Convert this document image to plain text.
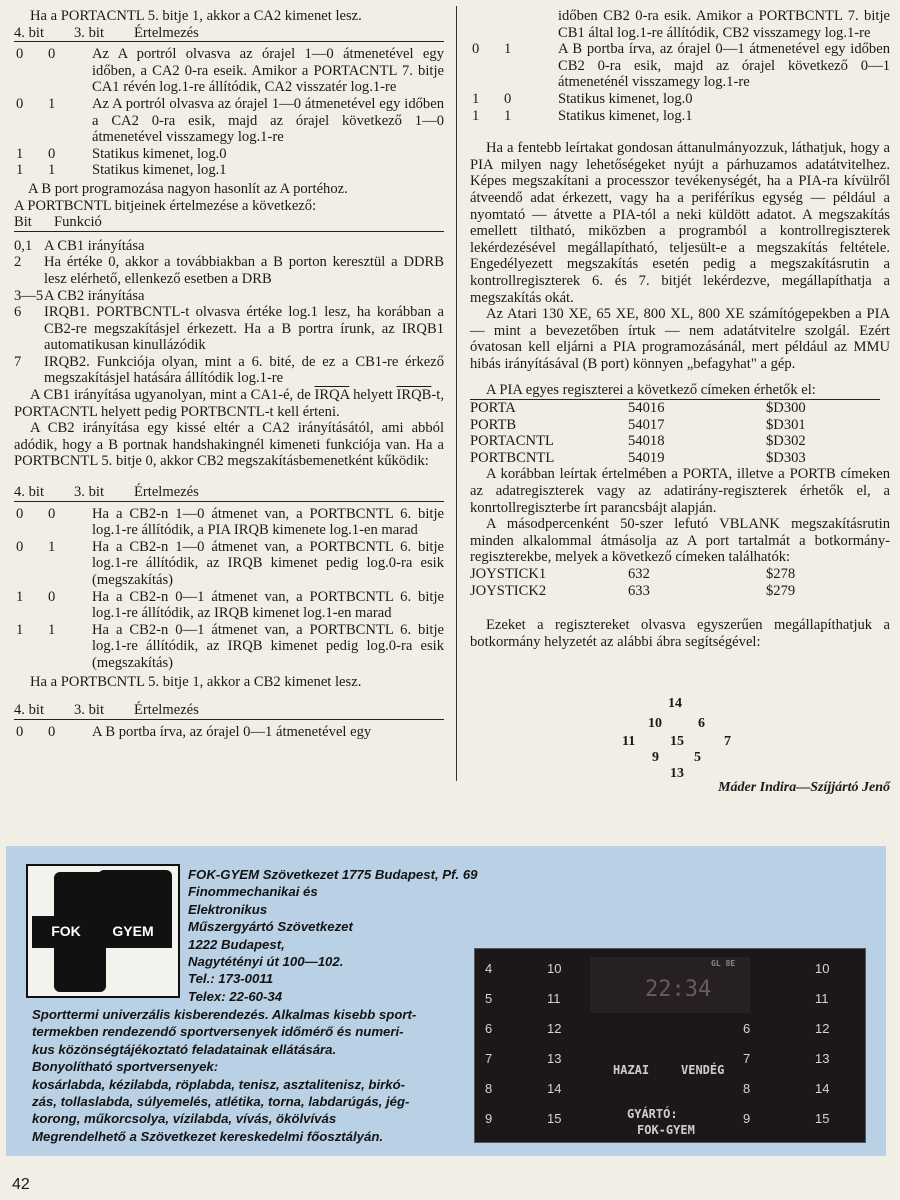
Ha a PORTACNTL 5. bitje 1, akkor a CA2 kimenet lesz.

4. bit	3. bit	Értelmezés
0	0	Az A portról olvasva az órajel 1—0 átmenetével egy időben, a CA2 0-ra eseik. Amikor a PORTACNTL 7. bitje CA1 révén log.1-re állítódik, CA2 visszatér log.1-re
0	1	Az A portról olvasva az órajel 1—0 átmenetével egy időben a CA2 0-ra esik, majd az órajel következő 1—0 átmenetével visszamegy log.1-re
1	0	Statikus kimenet, log.0
1	1	Statikus kimenet, log.1

A B port programozása nagyon hasonlít az A portéhoz.

A PORTBCNTL bitjeinek értelmezése a következő:

Bit	Funkció
0,1 A CB1 irányítása
2	Ha értéke 0, akkor a továbbiakban a B porton keresztül a DDRB lesz elérhető, ellenkező esetben a DRB
3—5 A CB2 irányítása
6	IRQB1. PORTBCNTL-t olvasva értéke log.1 lesz, ha korábban a CB2-re megszakításjel érkezett. Ha a B portra írunk, az IRQB1 automatikusan kinullázódik
7	IRQB2. Funkciója olyan, mint a 6. bité, de ez a CB1-re érkező megszakításjel hatására állítódik log.1-re

A CB1 irányítása ugyanolyan, mint a CA1-é, de IRQA helyett IRQB-t, PORTACNTL helyett pedig PORTBCNTL-t kell érteni.

A CB2 irányítása egy kissé eltér a CA2 irányításától, ami abból adódik, hogy a B portnak handshakingnél kimeneti funkciója van. Ha a PORTBCNTL 5. bitje 0, akkor CB2 megszakításbemenetként kűködik:

4. bit	3. bit	Értelmezés
0	0	Ha a CB2-n 1—0 átmenet van, a PORTBCNTL 6. bitje log.1-re állítódik, a PIA IRQB kimenete log.1-en marad
0	1	Ha a CB2-n 1—0 átmenet van, a PORTBCNTL 6. bitje log.1-re állítódik, az IRQB kimenet pedig log.0-ra esik (megszakítás)
1	0	Ha a CB2-n 0—1 átmenet van, a PORTBCNTL 6. bitje log.1-re állítódik, az IRQB kimenet log.1-en marad
1	1	Ha a CB2-n 0—1 átmenet van, a PORTBCNTL 6. bitje log.1-re állítódik, az IRQB kimenet pedig log.0-ra esik (megszakítás)

Ha a PORTBCNTL 5. bitje 1, akkor a CB2 kimenet lesz.

4. bit	3. bit	Értelmezés
0	0	A B portba írva, az órajel 0—1 átmenetével egy
időben CB2 0-ra esik. Amikor a PORTBCNTL 7. bitje CB1 által log.1-re állítódik, CB2 visszamegy log.1-re
0	1	A B portba írva, az órajel 0—1 átmenetével egy időben CB2 0-ra esik, majd az órajel következő 0—1 átmeneténél visszamegy log.1-re
1	0	Statikus kimenet, log.0
1	1	Statikus kimenet, log.1

Ha a fentebb leírtakat gondosan áttanulmányozzuk, láthatjuk, hogy a PIA milyen nagy lehetőségeket nyújt a párhuzamos adatátvitelhez. Képes megszakítani a processzor tevékenységét, ha a PIA-ra kívülről átveendő adat érkezett, vagy ha a periféríkus egység — például a nyomtató — átvette a PIA-tól a neki küldött adatot. A megszakítás emellett tiltható, miközben a programból a kontrollregiszterek lekérdezésével megállapítható, teljesült-e a megszakítás feltétele. Engedélyezett megszakítás esetén pedig a megszakításrutin a kontrollregiszterek 6. és 7. bitjét lekérdezve, megállapíthatja a megszakítás okát.

Az Atari 130 XE, 65 XE, 800 XL, 800 XE számítógepekben a PIA — mint a bevezetőben írtuk — nem adatátvitelre szolgál. Ezért óvatosan kell eljárni a PIA programozásánál, mert például az MMU hibás irányításával (B port) könnyen „befagyhat" a gép.

A PIA egyes regiszterei a következő címeken érhetők el:

PORTA	54016	$D300
PORTB	54017	$D301
PORTACNTL	54018	$D302
PORTBCNTL	54019	$D303

A korábban leírtak értelmében a PORTA, illetve a PORTB címeken az adatregiszterek vagy az adatirány-regiszterek érhetők el, a konrtollregiszterbe írt parancsbájt alapján.

A másodpercenként 50-szer lefutó VBLANK megszakításrutin minden alkalommal átmásolja az A port tartalmát a botkormány-regiszterekbe, melyek a következő címeken találhatók:

JOYSTICK1	632	$278
JOYSTICK2	633	$279

Ezeket a regisztereket olvasva egyszerűen megállapíthatjuk a botkormány helyzetét az alábbi ábra segítségével:

14
10	6
11 15	7
9	5
13
Máder Indira—Szíjjártó Jenő
FOK	GYEM
FOK-GYEM Szövetkezet 1775 Budapest, Pf. 69
Finommechanikai és
Elektronikus
Műszergyártó Szövetkezet
1222 Budapest,
Nagytétényi út 100—102.
Tel.: 173-0011
Telex: 22-60-34
Sporttermi univerzális kisberendezés. Alkalmas kisebb sport-
termekben rendezendő sportversenyek időmérő és numeri-
kus közönségtájékoztató feladatainak ellátására.
Bonyolítható sportversenyek:
kosárlabda, kézilabda, röplabda, tenisz, asztalitenisz, birkó-
zás, tollaslabda, súlyemelés, atlétika, torna, labdarúgás, jég-
korong, műkorcsolya, vízilabda, vívás, ökölvívás
Megrendelhető a Szövetkezet kereskedelmi főosztályán.
4
5
6
7
8
9
10
11
12
13
14
15
6
7
8
9
10
11
12
13
14
15
22:34
GL 8E
HAZAI	VENDÉG
GYÁRTÓ:
FOK-GYEM
42
